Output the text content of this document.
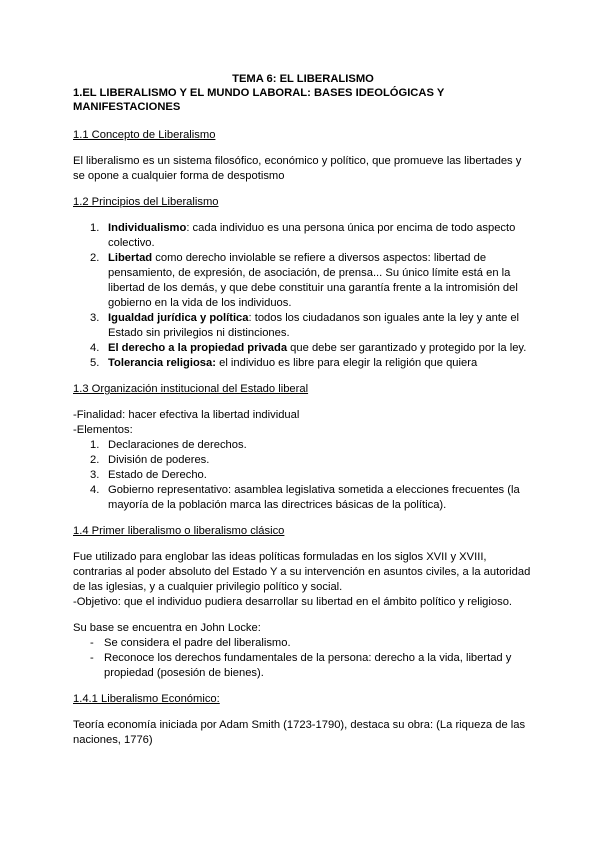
TEMA 6: EL LIBERALISMO

1.EL LIBERALISMO Y EL MUNDO LABORAL: BASES IDEOLÓGICAS Y MANIFESTACIONES

1.1 Concepto de Liberalismo

El liberalismo es un sistema filosófico, económico y político, que promueve las libertades y se opone a cualquier forma de despotismo

1.2 Principios del Liberalismo
1. Individualismo: cada individuo es una persona única por encima de todo aspecto colectivo.
2. Libertad como derecho inviolable se refiere a diversos aspectos: libertad de pensamiento, de expresión, de asociación, de prensa... Su único límite está en la libertad de los demás, y que debe constituir una garantía frente a la intromisión del gobierno en la vida de los individuos.
3. Igualdad jurídica y política: todos los ciudadanos son iguales ante la ley y ante el Estado sin privilegios ni distinciones.
4. El derecho a la propiedad privada que debe ser garantizado y protegido por la ley.
5. Tolerancia religiosa: el individuo es libre para elegir la religión que quiera
1.3 Organización institucional del Estado liberal

-Finalidad: hacer efectiva la libertad individual

-Elementos:

1. Declaraciones de derechos.
2. División de poderes.
3. Estado de Derecho.
4. Gobierno representativo: asamblea legislativa sometida a elecciones frecuentes (la mayoría de la población marca las directrices básicas de la política).
1.4 Primer liberalismo o liberalismo clásico

Fue utilizado para englobar las ideas políticas formuladas en los siglos XVII y XVIII, contrarias al poder absoluto del Estado Y a su intervención en asuntos civiles, a la autoridad de las iglesias, y a cualquier privilegio político y social.

-Objetivo: que el individuo pudiera desarrollar su libertad en el ámbito político y religioso.

Su base se encuentra en John Locke:

- Se considera el padre del liberalismo.
- Reconoce los derechos fundamentales de la persona: derecho a la vida, libertad y propiedad (posesión de bienes).
1.4.1 Liberalismo Económico:

Teoría economía iniciada por Adam Smith (1723-1790), destaca su obra: (La riqueza de las naciones, 1776)
